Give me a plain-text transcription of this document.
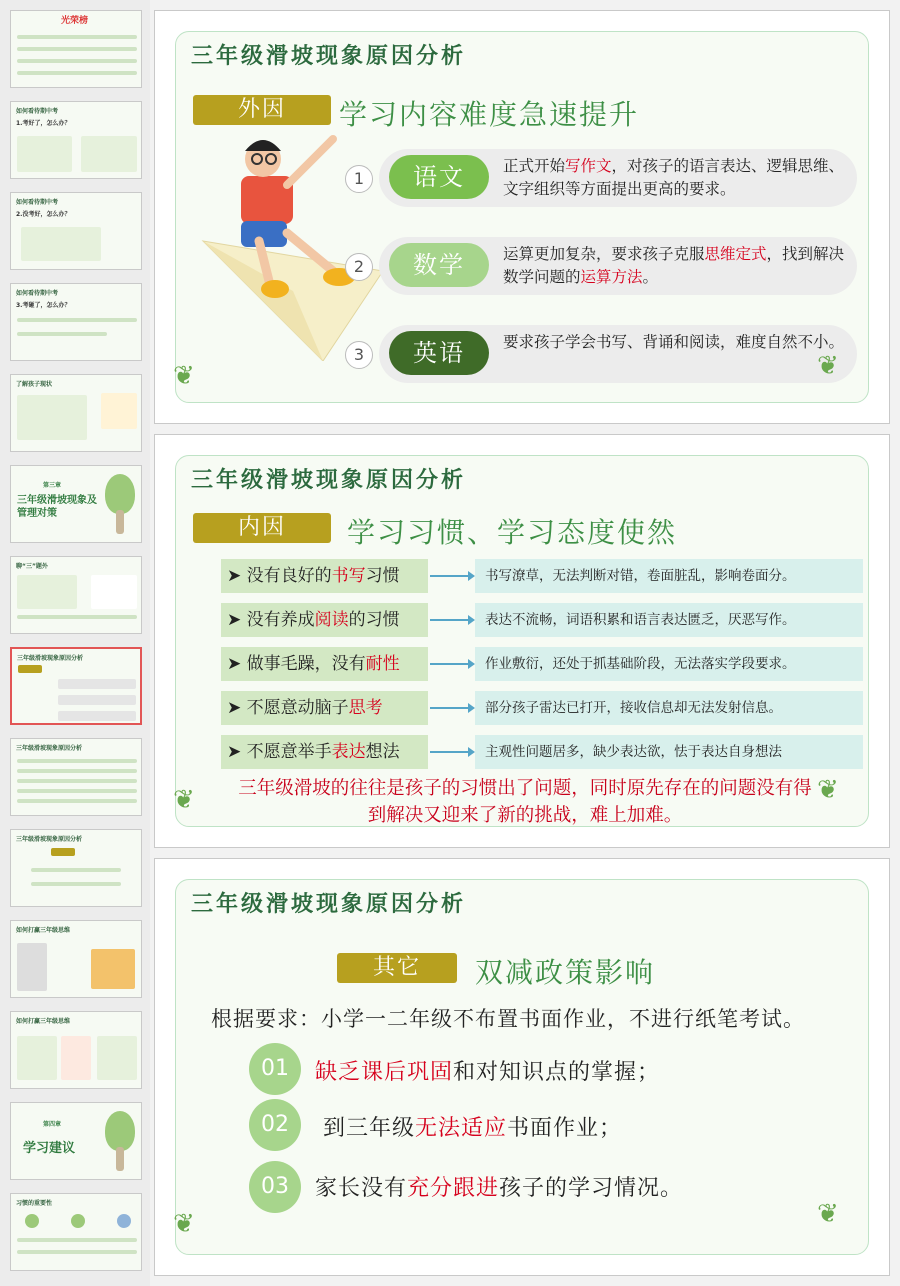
光荣榜
如何看待期中考
1.考好了，怎么办？
如何看待期中考
2.没考好，怎么办？
如何看待期中考
3.考砸了，怎么办？
了解孩子现状
第三章
三年级滑坡现象及管理对策
聊“三”题外
三年级滑坡现象原因分析
三年级滑坡现象原因分析
三年级滑坡现象原因分析
如何打赢三年级思维
如何打赢三年级思维
第四章
学习建议
习惯的重要性
三年级滑坡现象原因分析
外因	学习内容难度急速提升
1	语文	正式开始写作文，对孩子的语言表达、逻辑思维、文字组织等方面提出更高的要求。
2	数学	运算更加复杂，要求孩子克服思维定式，找到解决数学问题的运算方法。
3	英语	要求孩子学会书写、背诵和阅读，难度自然不小。
❦	❦
三年级滑坡现象原因分析
内因	学习习惯、学习态度使然
➤ 没有良好的书写习惯	书写潦草，无法判断对错，卷面脏乱，影响卷面分。
➤ 没有养成阅读的习惯	表达不流畅，词语积累和语言表达匮乏，厌恶写作。
➤ 做事毛躁，没有耐性	作业敷衍，还处于抓基础阶段，无法落实学段要求。
➤ 不愿意动脑子思考	部分孩子雷达已打开，接收信息却无法发射信息。
➤ 不愿意举手表达想法	主观性问题居多，缺少表达欲，怯于表达自身想法
三年级滑坡的往往是孩子的习惯出了问题，同时原先存在的问题没有得到解决又迎来了新的挑战，难上加难。
❦	❦
三年级滑坡现象原因分析
其它	双减政策影响
根据要求：小学一二年级不布置书面作业，不进行纸笔考试。
01	缺乏课后巩固和对知识点的掌握；
02	到三年级无法适应书面作业；
03	家长没有充分跟进孩子的学习情况。
❦	❦
